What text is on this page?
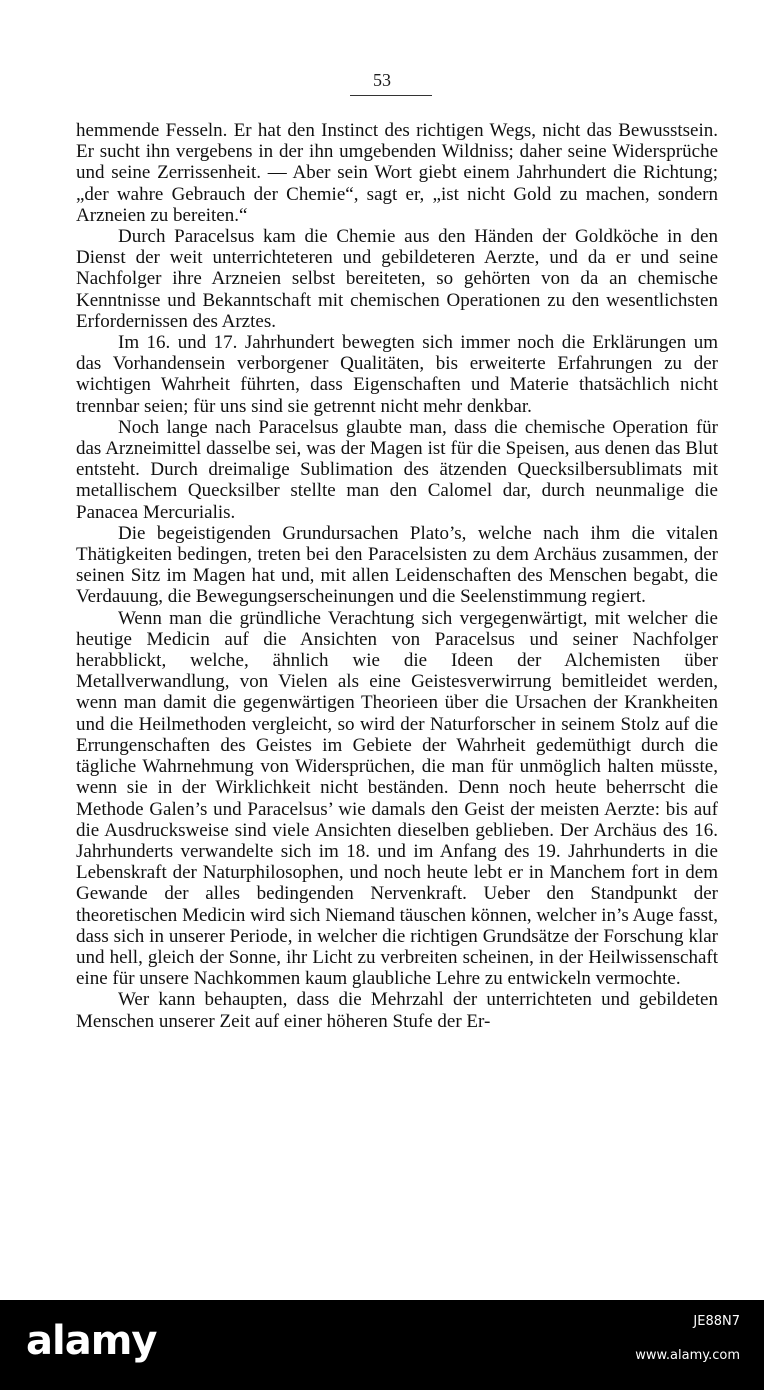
53

hemmende Fesseln. Er hat den Instinct des richtigen Wegs, nicht das Bewusstsein. Er sucht ihn vergebens in der ihn umgebenden Wildniss; daher seine Widersprüche und seine Zerrissenheit. — Aber sein Wort giebt einem Jahrhundert die Richtung; „der wahre Gebrauch der Chemie“, sagt er, „ist nicht Gold zu machen, sondern Arzneien zu bereiten.“

Durch Paracelsus kam die Chemie aus den Händen der Goldköche in den Dienst der weit unterrichteteren und gebildeteren Aerzte, und da er und seine Nachfolger ihre Arzneien selbst bereiteten, so gehörten von da an chemische Kenntnisse und Bekanntschaft mit chemischen Operationen zu den wesentlichsten Erfordernissen des Arztes.

Im 16. und 17. Jahrhundert bewegten sich immer noch die Erklärungen um das Vorhandensein verborgener Qualitäten, bis erweiterte Erfahrungen zu der wichtigen Wahrheit führten, dass Eigenschaften und Materie thatsächlich nicht trennbar seien; für uns sind sie getrennt nicht mehr denkbar.

Noch lange nach Paracelsus glaubte man, dass die chemische Operation für das Arzneimittel dasselbe sei, was der Magen ist für die Speisen, aus denen das Blut entsteht. Durch dreimalige Sublimation des ätzenden Quecksilbersublimats mit metallischem Quecksilber stellte man den Calomel dar, durch neunmalige die Panacea Mercurialis.

Die begeistigenden Grundursachen Plato’s, welche nach ihm die vitalen Thätigkeiten bedingen, treten bei den Paracelsisten zu dem Archäus zusammen, der seinen Sitz im Magen hat und, mit allen Leidenschaften des Menschen begabt, die Verdauung, die Bewegungserscheinungen und die Seelenstimmung regiert.

Wenn man die gründliche Verachtung sich vergegenwärtigt, mit welcher die heutige Medicin auf die Ansichten von Paracelsus und seiner Nachfolger herabblickt, welche, ähnlich wie die Ideen der Alchemisten über Metallverwandlung, von Vielen als eine Geistesverwirrung bemitleidet werden, wenn man damit die gegenwärtigen Theorieen über die Ursachen der Krankheiten und die Heilmethoden vergleicht, so wird der Naturforscher in seinem Stolz auf die Errungenschaften des Geistes im Gebiete der Wahrheit gedemüthigt durch die tägliche Wahrnehmung von Widersprüchen, die man für unmöglich halten müsste, wenn sie in der Wirklichkeit nicht beständen. Denn noch heute beherrscht die Methode Galen’s und Paracelsus’ wie damals den Geist der meisten Aerzte: bis auf die Ausdrucksweise sind viele Ansichten dieselben geblieben. Der Archäus des 16. Jahrhunderts verwandelte sich im 18. und im Anfang des 19. Jahrhunderts in die Lebenskraft der Naturphilosophen, und noch heute lebt er in Manchem fort in dem Gewande der alles bedingenden Nervenkraft. Ueber den Standpunkt der theoretischen Medicin wird sich Niemand täuschen können, welcher in’s Auge fasst, dass sich in unserer Periode, in welcher die richtigen Grundsätze der Forschung klar und hell, gleich der Sonne, ihr Licht zu verbreiten scheinen, in der Heilwissenschaft eine für unsere Nachkommen kaum glaubliche Lehre zu entwickeln vermochte.

Wer kann behaupten, dass die Mehrzahl der unterrichteten und gebildeten Menschen unserer Zeit auf einer höheren Stufe der Er-

alamy	JE88N7
www.alamy.com
